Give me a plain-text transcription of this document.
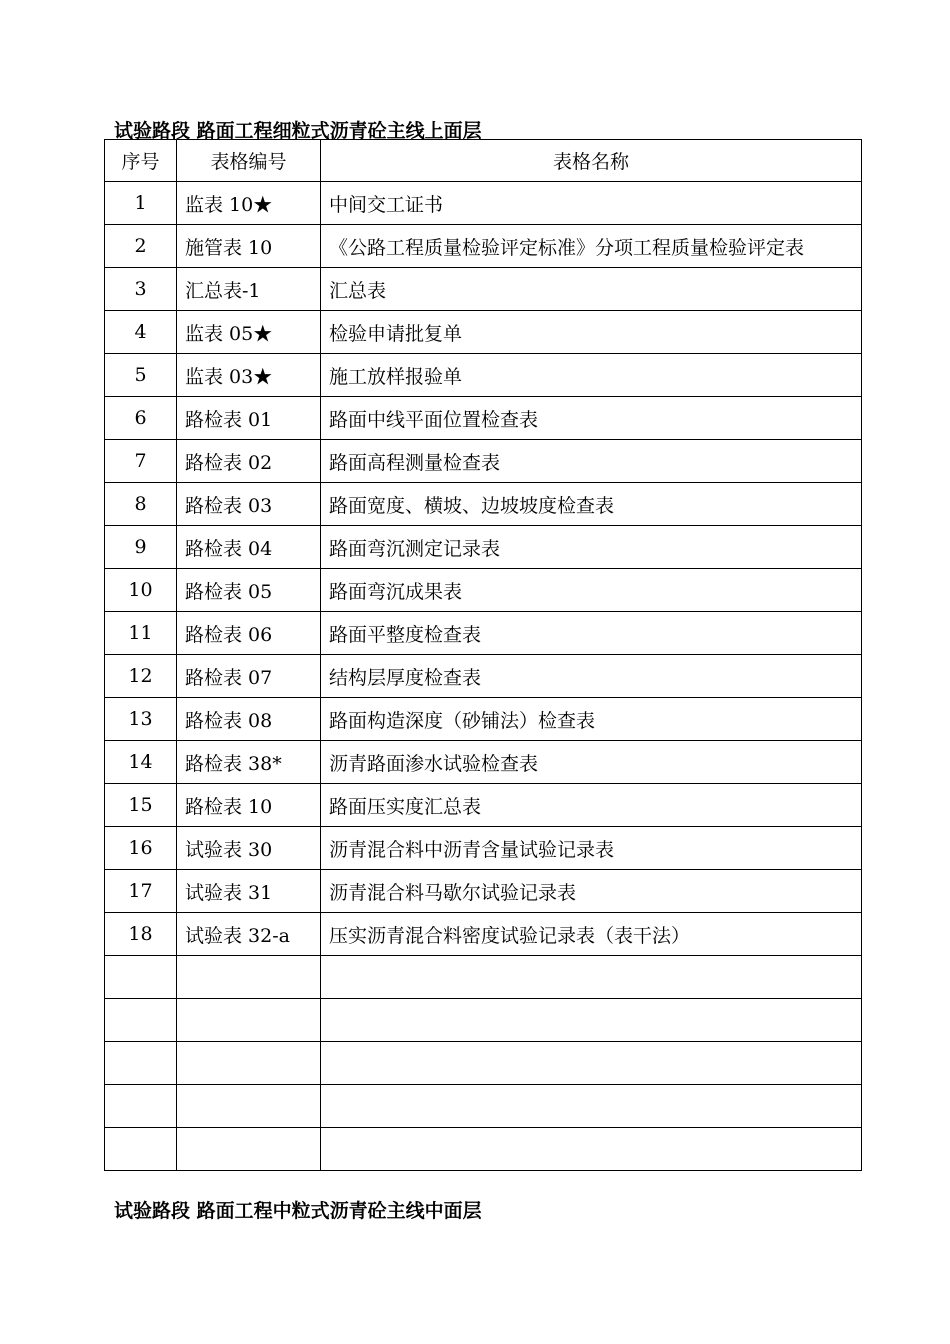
试验路段 路面工程细粒式沥青砼主线上面层
序号	表格编号	表格名称
1	监表 10★	中间交工证书
2	施管表 10	《公路工程质量检验评定标准》分项工程质量检验评定表
3	汇总表-1	汇总表
4	监表 05★	检验申请批复单
5	监表 03★	施工放样报验单
6	路检表 01	路面中线平面位置检查表
7	路检表 02	路面高程测量检查表
8	路检表 03	路面宽度、横坡、边坡坡度检查表
9	路检表 04	路面弯沉测定记录表
10	路检表 05	路面弯沉成果表
11	路检表 06	路面平整度检查表
12	路检表 07	结构层厚度检查表
13	路检表 08	路面构造深度（砂铺法）检查表
14	路检表 38*	沥青路面渗水试验检查表
15	路检表 10	路面压实度汇总表
16	试验表 30	沥青混合料中沥青含量试验记录表
17	试验表 31	沥青混合料马歇尔试验记录表
18	试验表 32-a	压实沥青混合料密度试验记录表（表干法）

试验路段 路面工程中粒式沥青砼主线中面层
